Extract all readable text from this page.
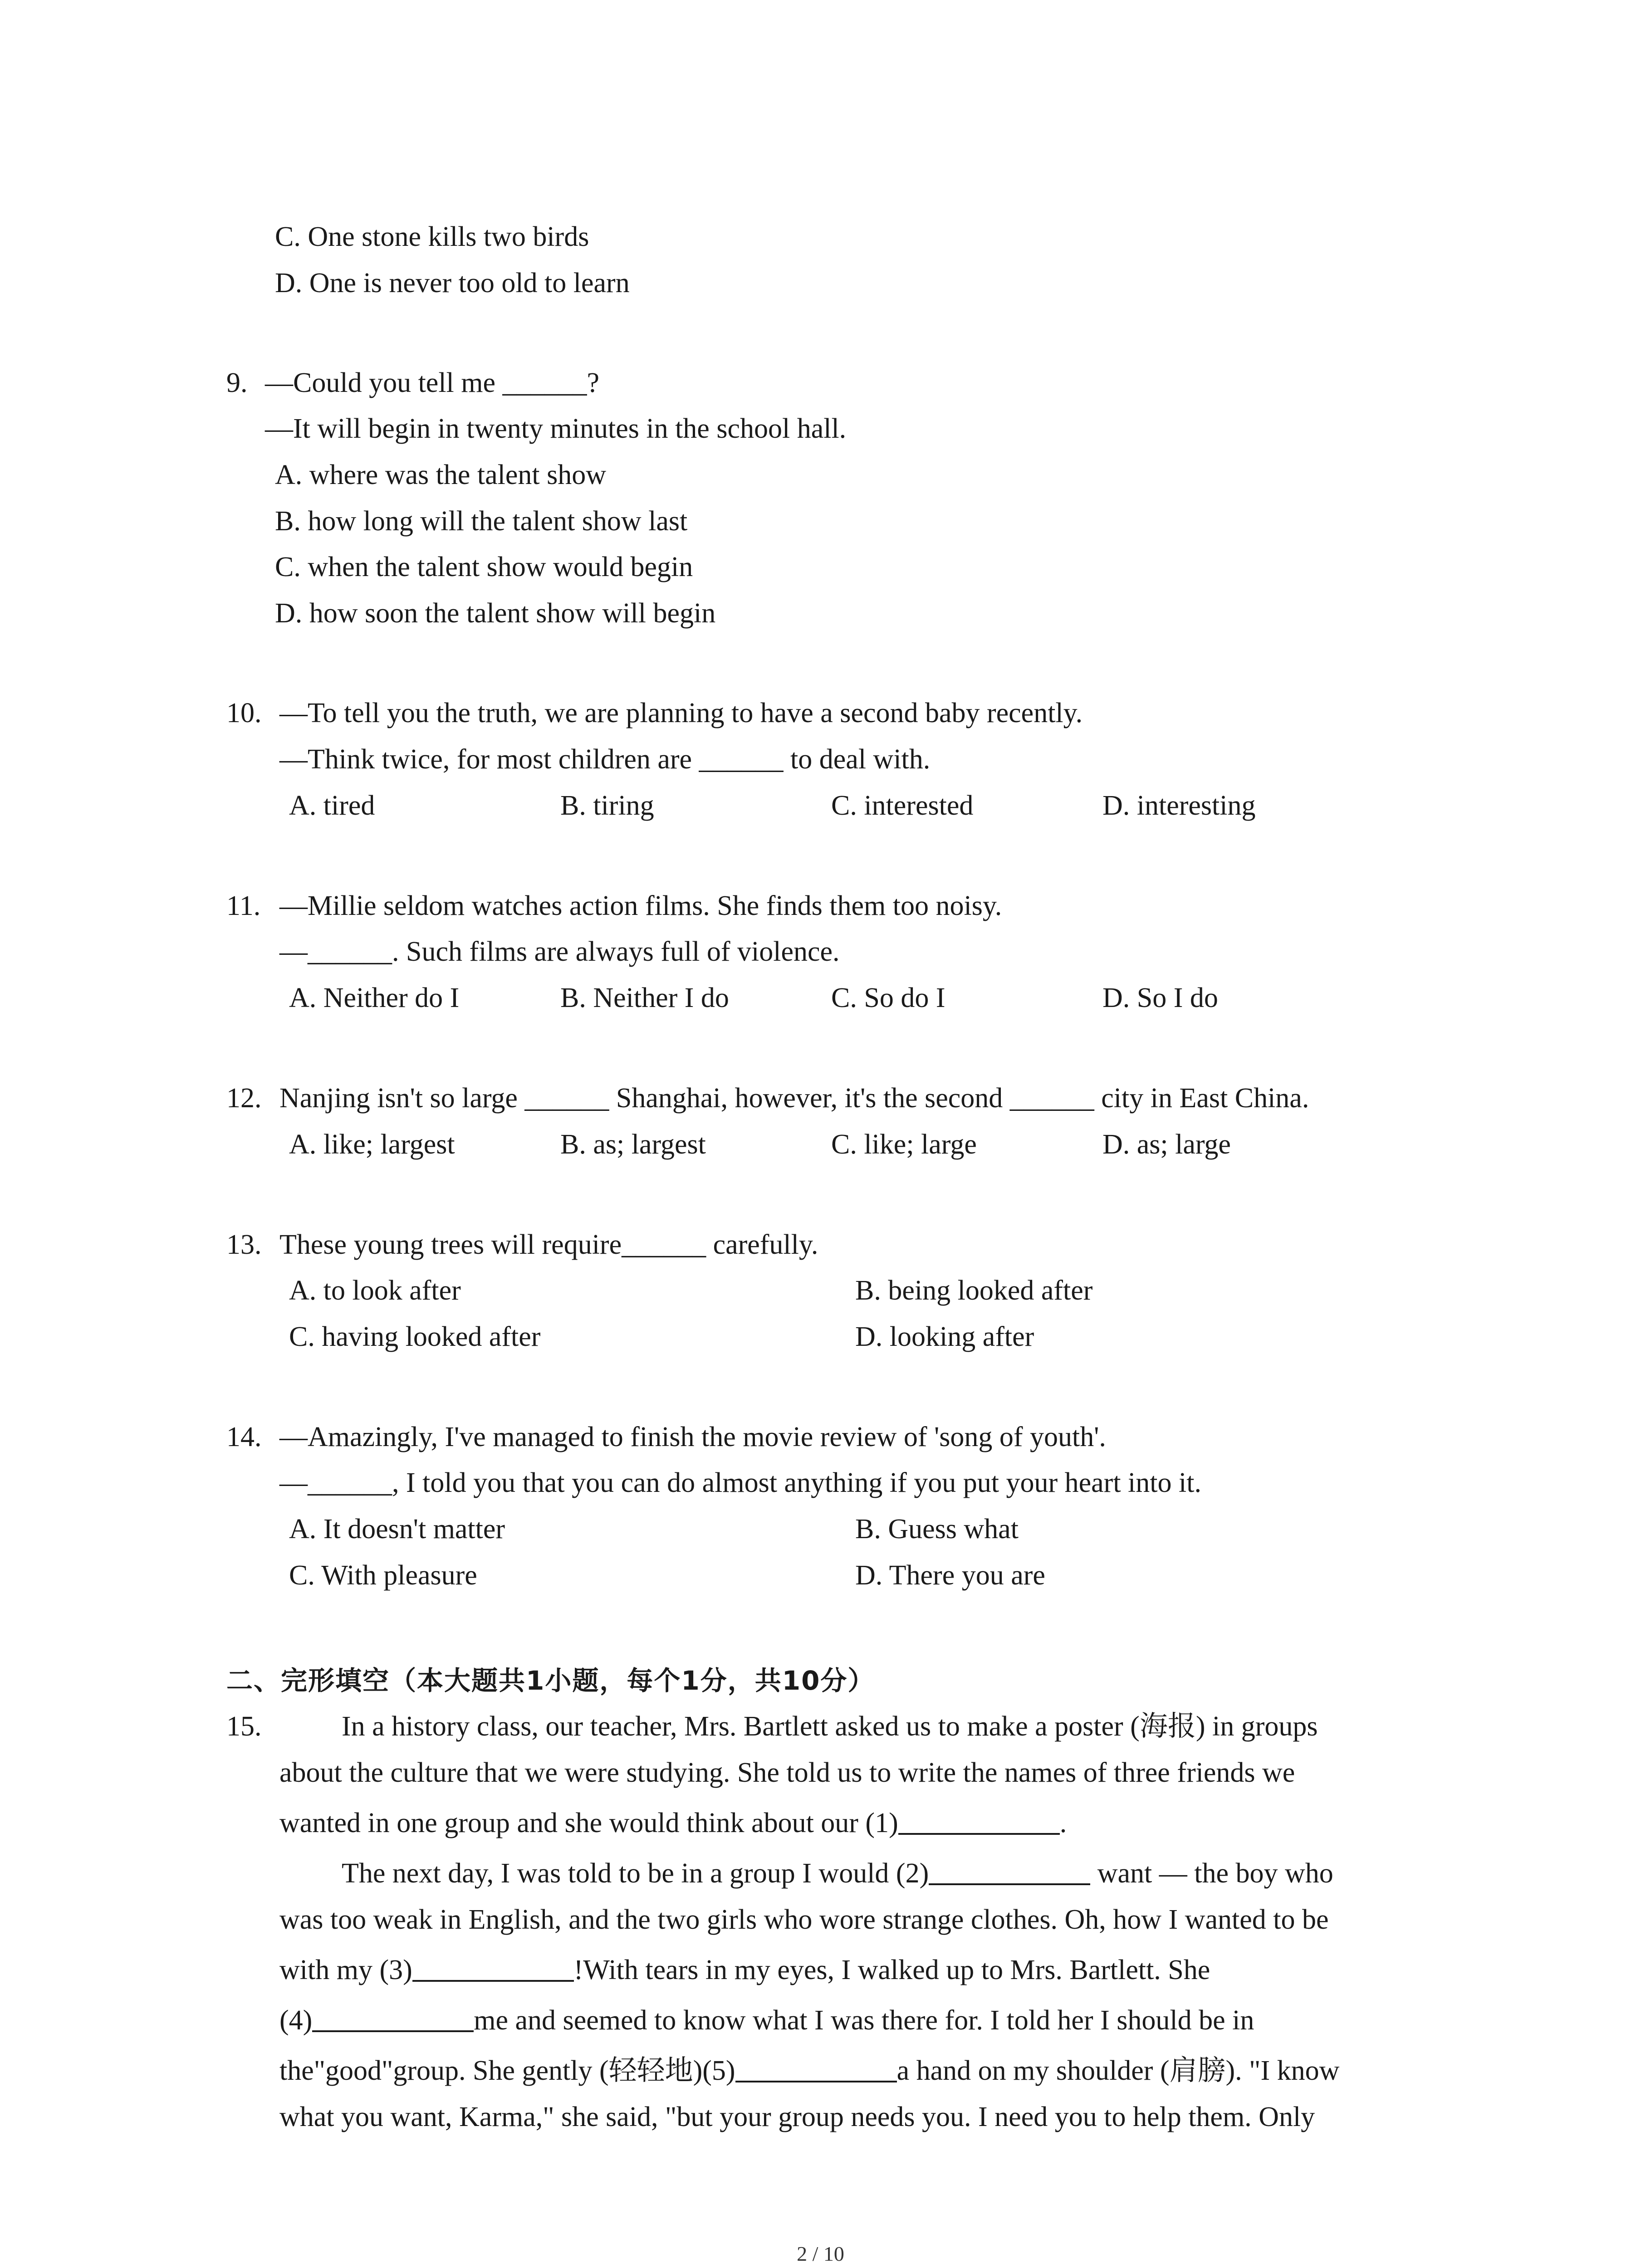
C. One stone kills two birds
D. One is never too old to learn
9. —Could you tell me ______?
—It will begin in twenty minutes in the school hall.
A. where was the talent show
B. how long will the talent show last
C. when the talent show would begin
D. how soon the talent show will begin
10. —To tell you the truth, we are planning to have a second baby recently.
—Think twice, for most children are ______ to deal with.
A. tired	B. tiring	C. interested	D. interesting
11. —Millie seldom watches action films. She finds them too noisy.
—______. Such films are always full of violence.
A. Neither do I	B. Neither I do	C. So do I	D. So I do
12. Nanjing isn't so large ______ Shanghai, however, it's the second ______ city in East China.
A. like; largest	B. as; largest	C. like; large	D. as; large
13. These young trees will require______ carefully.
A. to look after	B. being looked after
C. having looked after	D. looking after
14. —Amazingly, I've managed to finish the movie review of 'song of youth'.
—______, I told you that you can do almost anything if you put your heart into it.
A. It doesn't matter	B. Guess what
C. With pleasure	D. There you are
二、完形填空（本大题共1小题，每个1分，共10分）
15.	In a history class, our teacher, Mrs. Bartlett asked us to make a poster (海报) in groups
about the culture that we were studying. She told us to write the names of three friends we
wanted in one group and she would think about our (1)	.
The next day, I was told to be in a group I would (2)	want — the boy who
was too weak in English, and the two girls who wore strange clothes. Oh, how I wanted to be
with my (3)	!With tears in my eyes, I walked up to Mrs. Bartlett. She
(4)	me and seemed to know what I was there for. I told her I should be in
the"good"group. She gently (轻轻地)(5)	a hand on my shoulder (肩膀). "I know
what you want, Karma," she said, "but your group needs you. I need you to help them. Only
2 / 10
